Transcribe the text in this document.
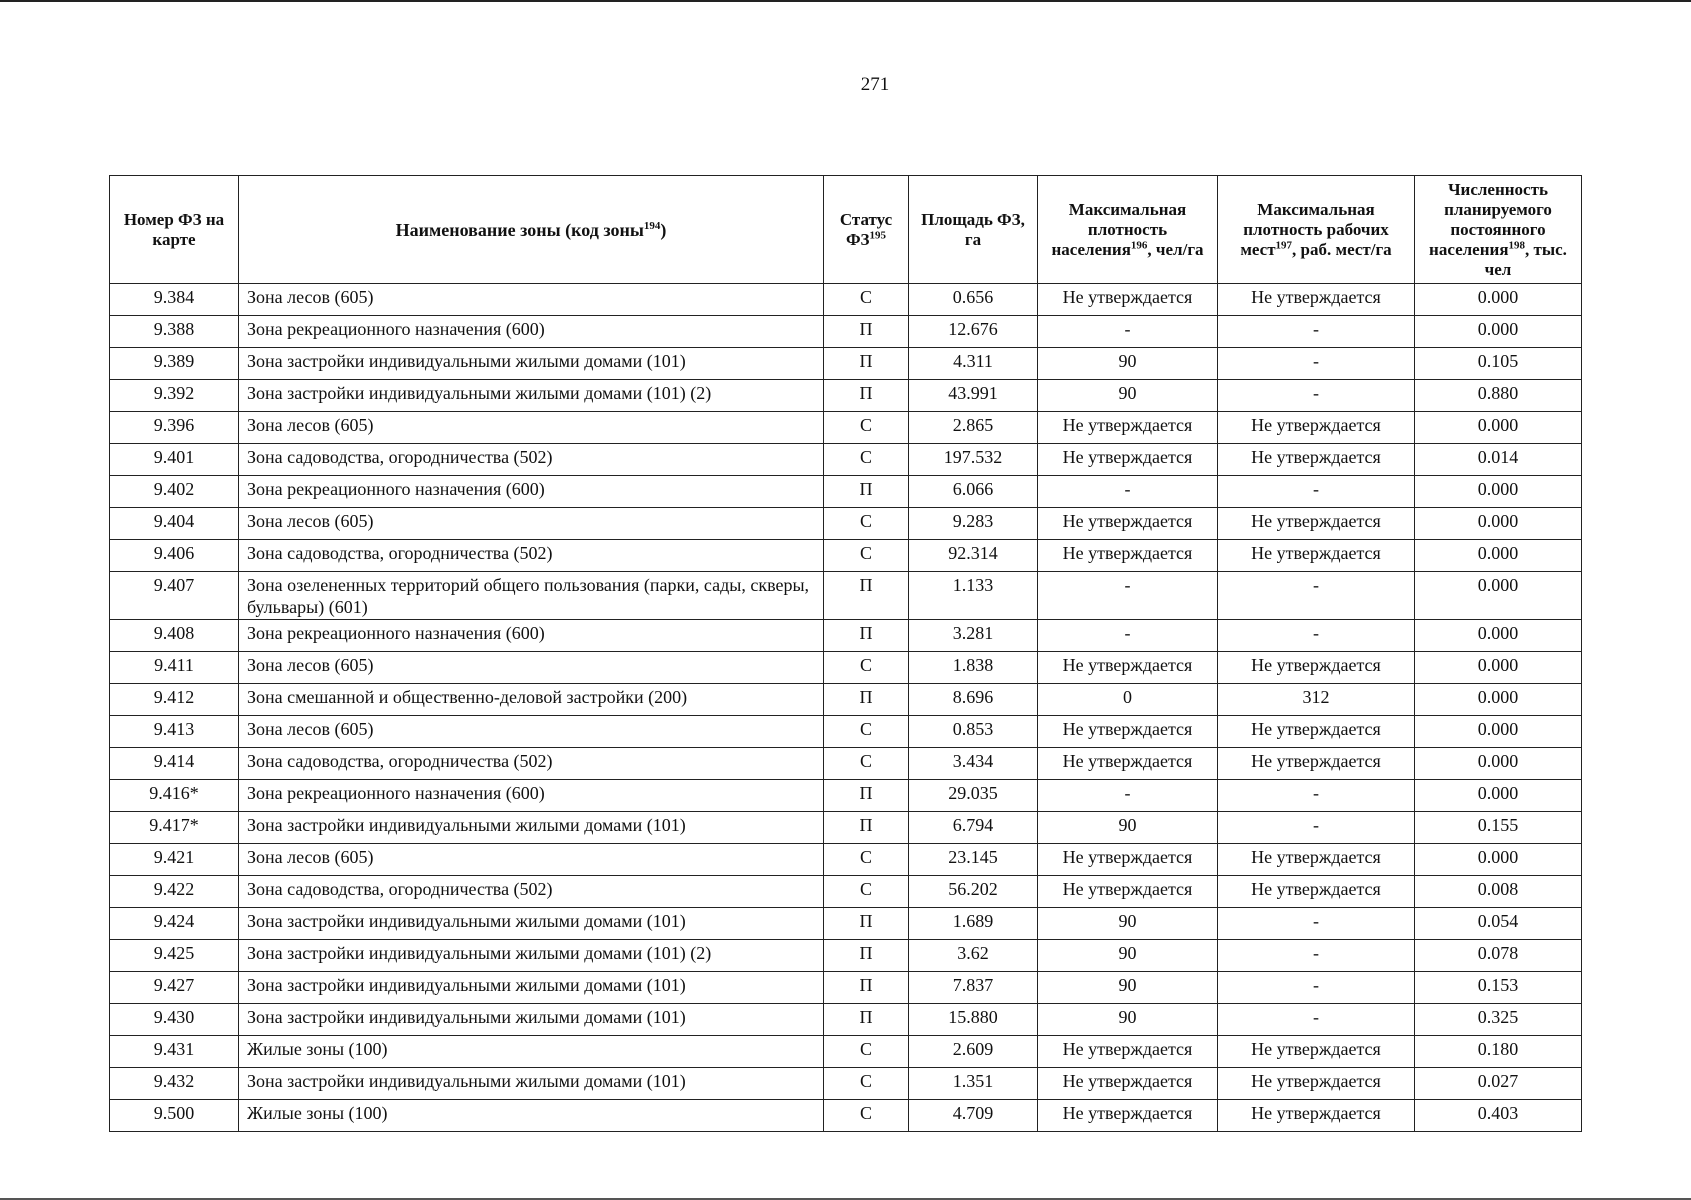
271
Номер ФЗ на карте	Наименование зоны (код зоны$^{194}$)	Статус ФЗ$^{195}$	Площадь ФЗ, га	Максимальная плотность населения$^{196}$, чел/га	Максимальная плотность рабочих мест$^{197}$, раб. мест/га	Численность планируемого постоянного населения$^{198}$, тыс. чел
9.384	Зона лесов (605)	С	0.656	Не утверждается	Не утверждается	0.000
9.388	Зона рекреационного назначения (600)	П	12.676	-	-	0.000
9.389	Зона застройки индивидуальными жилыми домами (101)	П	4.311	90	-	0.105
9.392	Зона застройки индивидуальными жилыми домами (101) (2)	П	43.991	90	-	0.880
9.396	Зона лесов (605)	С	2.865	Не утверждается	Не утверждается	0.000
9.401	Зона садоводства, огородничества (502)	С	197.532	Не утверждается	Не утверждается	0.014
9.402	Зона рекреационного назначения (600)	П	6.066	-	-	0.000
9.404	Зона лесов (605)	С	9.283	Не утверждается	Не утверждается	0.000
9.406	Зона садоводства, огородничества (502)	С	92.314	Не утверждается	Не утверждается	0.000
9.407	Зона озелененных территорий общего пользования (парки, сады, скверы, бульвары) (601)	П	1.133	-	-	0.000
9.408	Зона рекреационного назначения (600)	П	3.281	-	-	0.000
9.411	Зона лесов (605)	С	1.838	Не утверждается	Не утверждается	0.000
9.412	Зона смешанной и общественно-деловой застройки (200)	П	8.696	0	312	0.000
9.413	Зона лесов (605)	С	0.853	Не утверждается	Не утверждается	0.000
9.414	Зона садоводства, огородничества (502)	С	3.434	Не утверждается	Не утверждается	0.000
9.416*	Зона рекреационного назначения (600)	П	29.035	-	-	0.000
9.417*	Зона застройки индивидуальными жилыми домами (101)	П	6.794	90	-	0.155
9.421	Зона лесов (605)	С	23.145	Не утверждается	Не утверждается	0.000
9.422	Зона садоводства, огородничества (502)	С	56.202	Не утверждается	Не утверждается	0.008
9.424	Зона застройки индивидуальными жилыми домами (101)	П	1.689	90	-	0.054
9.425	Зона застройки индивидуальными жилыми домами (101) (2)	П	3.62	90	-	0.078
9.427	Зона застройки индивидуальными жилыми домами (101)	П	7.837	90	-	0.153
9.430	Зона застройки индивидуальными жилыми домами (101)	П	15.880	90	-	0.325
9.431	Жилые зоны (100)	С	2.609	Не утверждается	Не утверждается	0.180
9.432	Зона застройки индивидуальными жилыми домами (101)	С	1.351	Не утверждается	Не утверждается	0.027
9.500	Жилые зоны (100)	С	4.709	Не утверждается	Не утверждается	0.403
